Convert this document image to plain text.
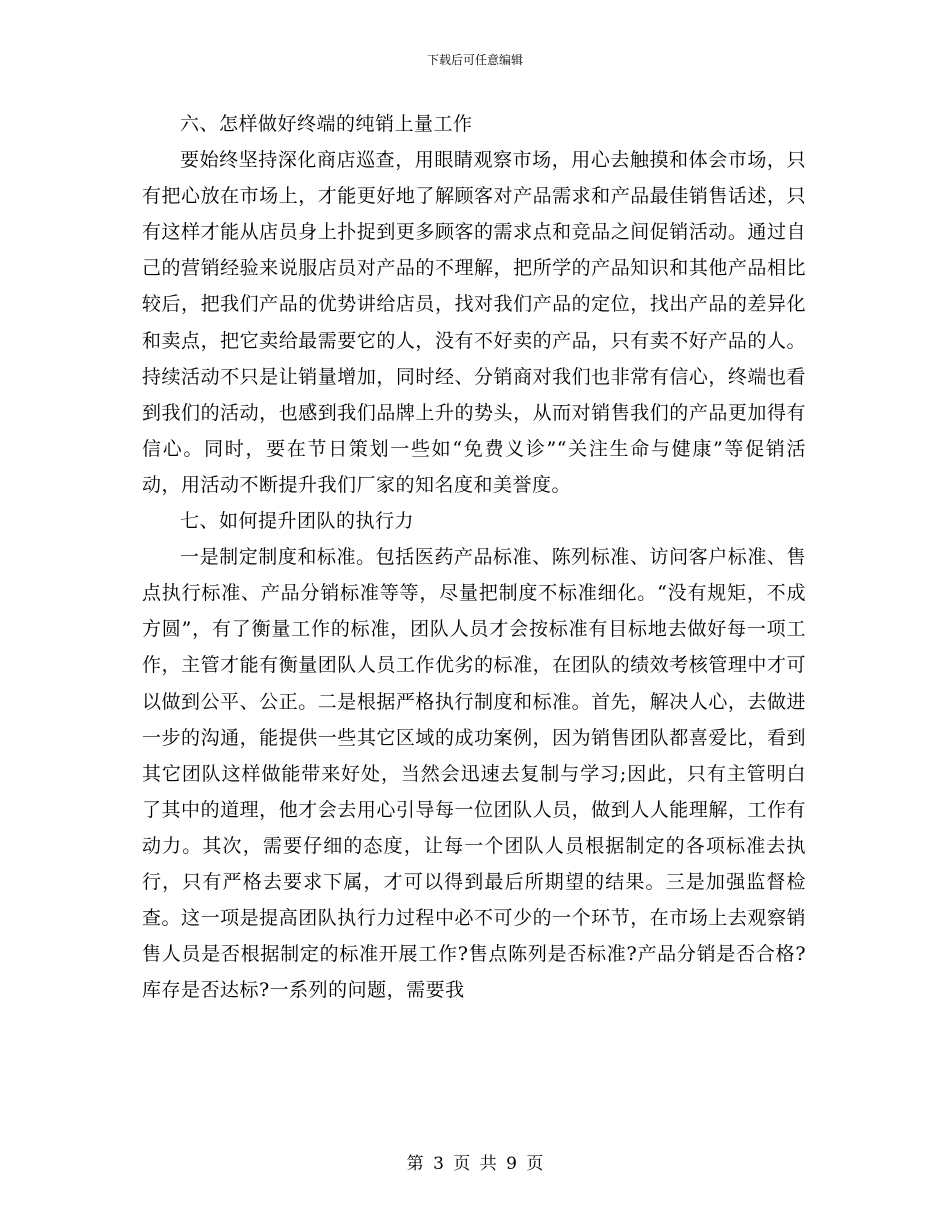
下载后可任意编辑

六、怎样做好终端的纯销上量工作

要始终坚持深化商店巡查，用眼睛观察市场，用心去触摸和体会市场，只有把心放在市场上，才能更好地了解顾客对产品需求和产品最佳销售话述，只有这样才能从店员身上扑捉到更多顾客的需求点和竞品之间促销活动。通过自己的营销经验来说服店员对产品的不理解，把所学的产品知识和其他产品相比较后，把我们产品的优势讲给店员，找对我们产品的定位，找出产品的差异化和卖点，把它卖给最需要它的人，没有不好卖的产品，只有卖不好产品的人。持续活动不只是让销量增加，同时经、分销商对我们也非常有信心，终端也看到我们的活动，也感到我们品牌上升的势头，从而对销售我们的产品更加得有信心。同时，要在节日策划一些如“免费义诊”“关注生命与健康”等促销活动，用活动不断提升我们厂家的知名度和美誉度。

七、如何提升团队的执行力

一是制定制度和标准。包括医药产品标准、陈列标准、访问客户标准、售点执行标准、产品分销标准等等，尽量把制度不标准细化。“没有规矩，不成方圆”，有了衡量工作的标准，团队人员才会按标准有目标地去做好每一项工作，主管才能有衡量团队人员工作优劣的标准，在团队的绩效考核管理中才可以做到公平、公正。二是根据严格执行制度和标准。首先，解决人心，去做进一步的沟通，能提供一些其它区域的成功案例，因为销售团队都喜爱比，看到其它团队这样做能带来好处，当然会迅速去复制与学习;因此，只有主管明白了其中的道理，他才会去用心引导每一位团队人员，做到人人能理解，工作有动力。其次，需要仔细的态度，让每一个团队人员根据制定的各项标准去执行，只有严格去要求下属，才可以得到最后所期望的结果。三是加强监督检查。这一项是提高团队执行力过程中必不可少的一个环节，在市场上去观察销售人员是否根据制定的标准开展工作?售点陈列是否标准?产品分销是否合格?库存是否达标?一系列的问题，需要我

第 3 页 共 9 页
